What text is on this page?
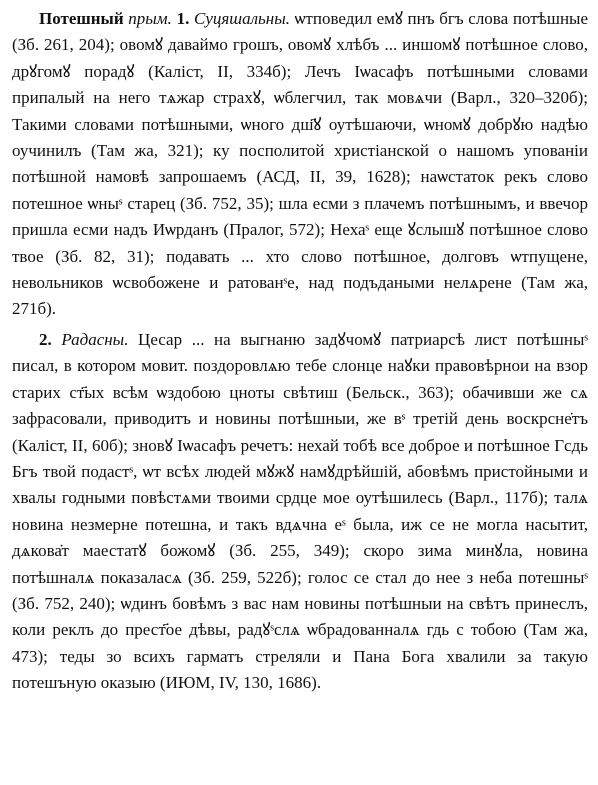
Потешный прым. 1. Суцяшальны. ѡтповедил емꙋ пнъ бгъ слова потѣшные (Зб. 261, 204); овомꙋ даваймо грошъ, овомꙋ хлѣбъ ... иншомꙋ потѣшное слово, дрꙋгомꙋ порадꙋ (Каліст, II, 334б); Лечъ Іѡасафъ потѣшными словами припалый на него тѧжар страхꙋ, ѡблегчил, так мовѧчи (Варл., 320–320б); Такими словами потѣшными, ѡного дш҃ꙋ оутѣшаючи, ѡномꙋ добрꙋю надѣю оучинилъ (Там жа, 321); ку посполитой христіанской о нашомъ упованіи потѣшной намовѣ запрошаемъ (АСД, II, 39, 1628); наѡстаток рекъ слово потешное ѡныˢ старец (Зб. 752, 35); шла есми з плачемъ потѣшнымъ, и ввечор пришла есми надъ Иѡрданъ (Пралог, 572); Нехаˢ еще ꙋслышꙋ потѣшное слово твое (Зб. 82, 31); подавать ... хто слово потѣшное, долговъ ѡтпущене, невольников ѡсвобожене и ратованˢе, над подъдаными нелѧрене (Там жа, 271б).

2. Радасны. Цесар ... на выгнаню задꙋчомꙋ патриарсѣ лист потѣшныˢ писал, в котором мовит. поздоровлѧю тебе слонце наꙋки правовѣрнои на взор старих ст҃ых всѣм ѡздобою цноты свѣтиш (Бельск., 363); обачивши же сѧ зафрасовали, приводитъ и новины потѣшныи, же вˢ третій день воскрсне̇тъ (Каліст, II, 60б); зновꙋ Іѡасафъ речетъ: нехай тобѣ все доброе и потѣшное Гсдь Бгъ твой подастˢ, ѡт всѣх людей мꙋжꙋ намꙋдрѣйшій, абовѣмъ пристойными и хвалы годными повѣстѧми твоими срдце мое оутѣшилесь (Варл., 117б); талѧ новина незмерне потешна, и такъ вдѧчна еˢ была, иж се не могла насытит, дѧкова̇т маестатꙋ божомꙋ (Зб. 255, 349); скоро зима минꙋла, новина потѣшналѧ показаласѧ (Зб. 259, 522б); голос се стал до нее з неба потешныˢ (Зб. 752, 240); ѡдинъ бовѣмъ з вас нам новины потѣшныи на свѣтъ принеслъ, коли реклъ до прест҃ое дѣвы, радꙋˢслѧ ѡбрадованналѧ гдь с тобою (Там жа, 473); теды зо всихъ гарматъ стреляли и Пана Бога хвалили за такую потешъную оказыю (ИЮМ, IV, 130, 1686).
